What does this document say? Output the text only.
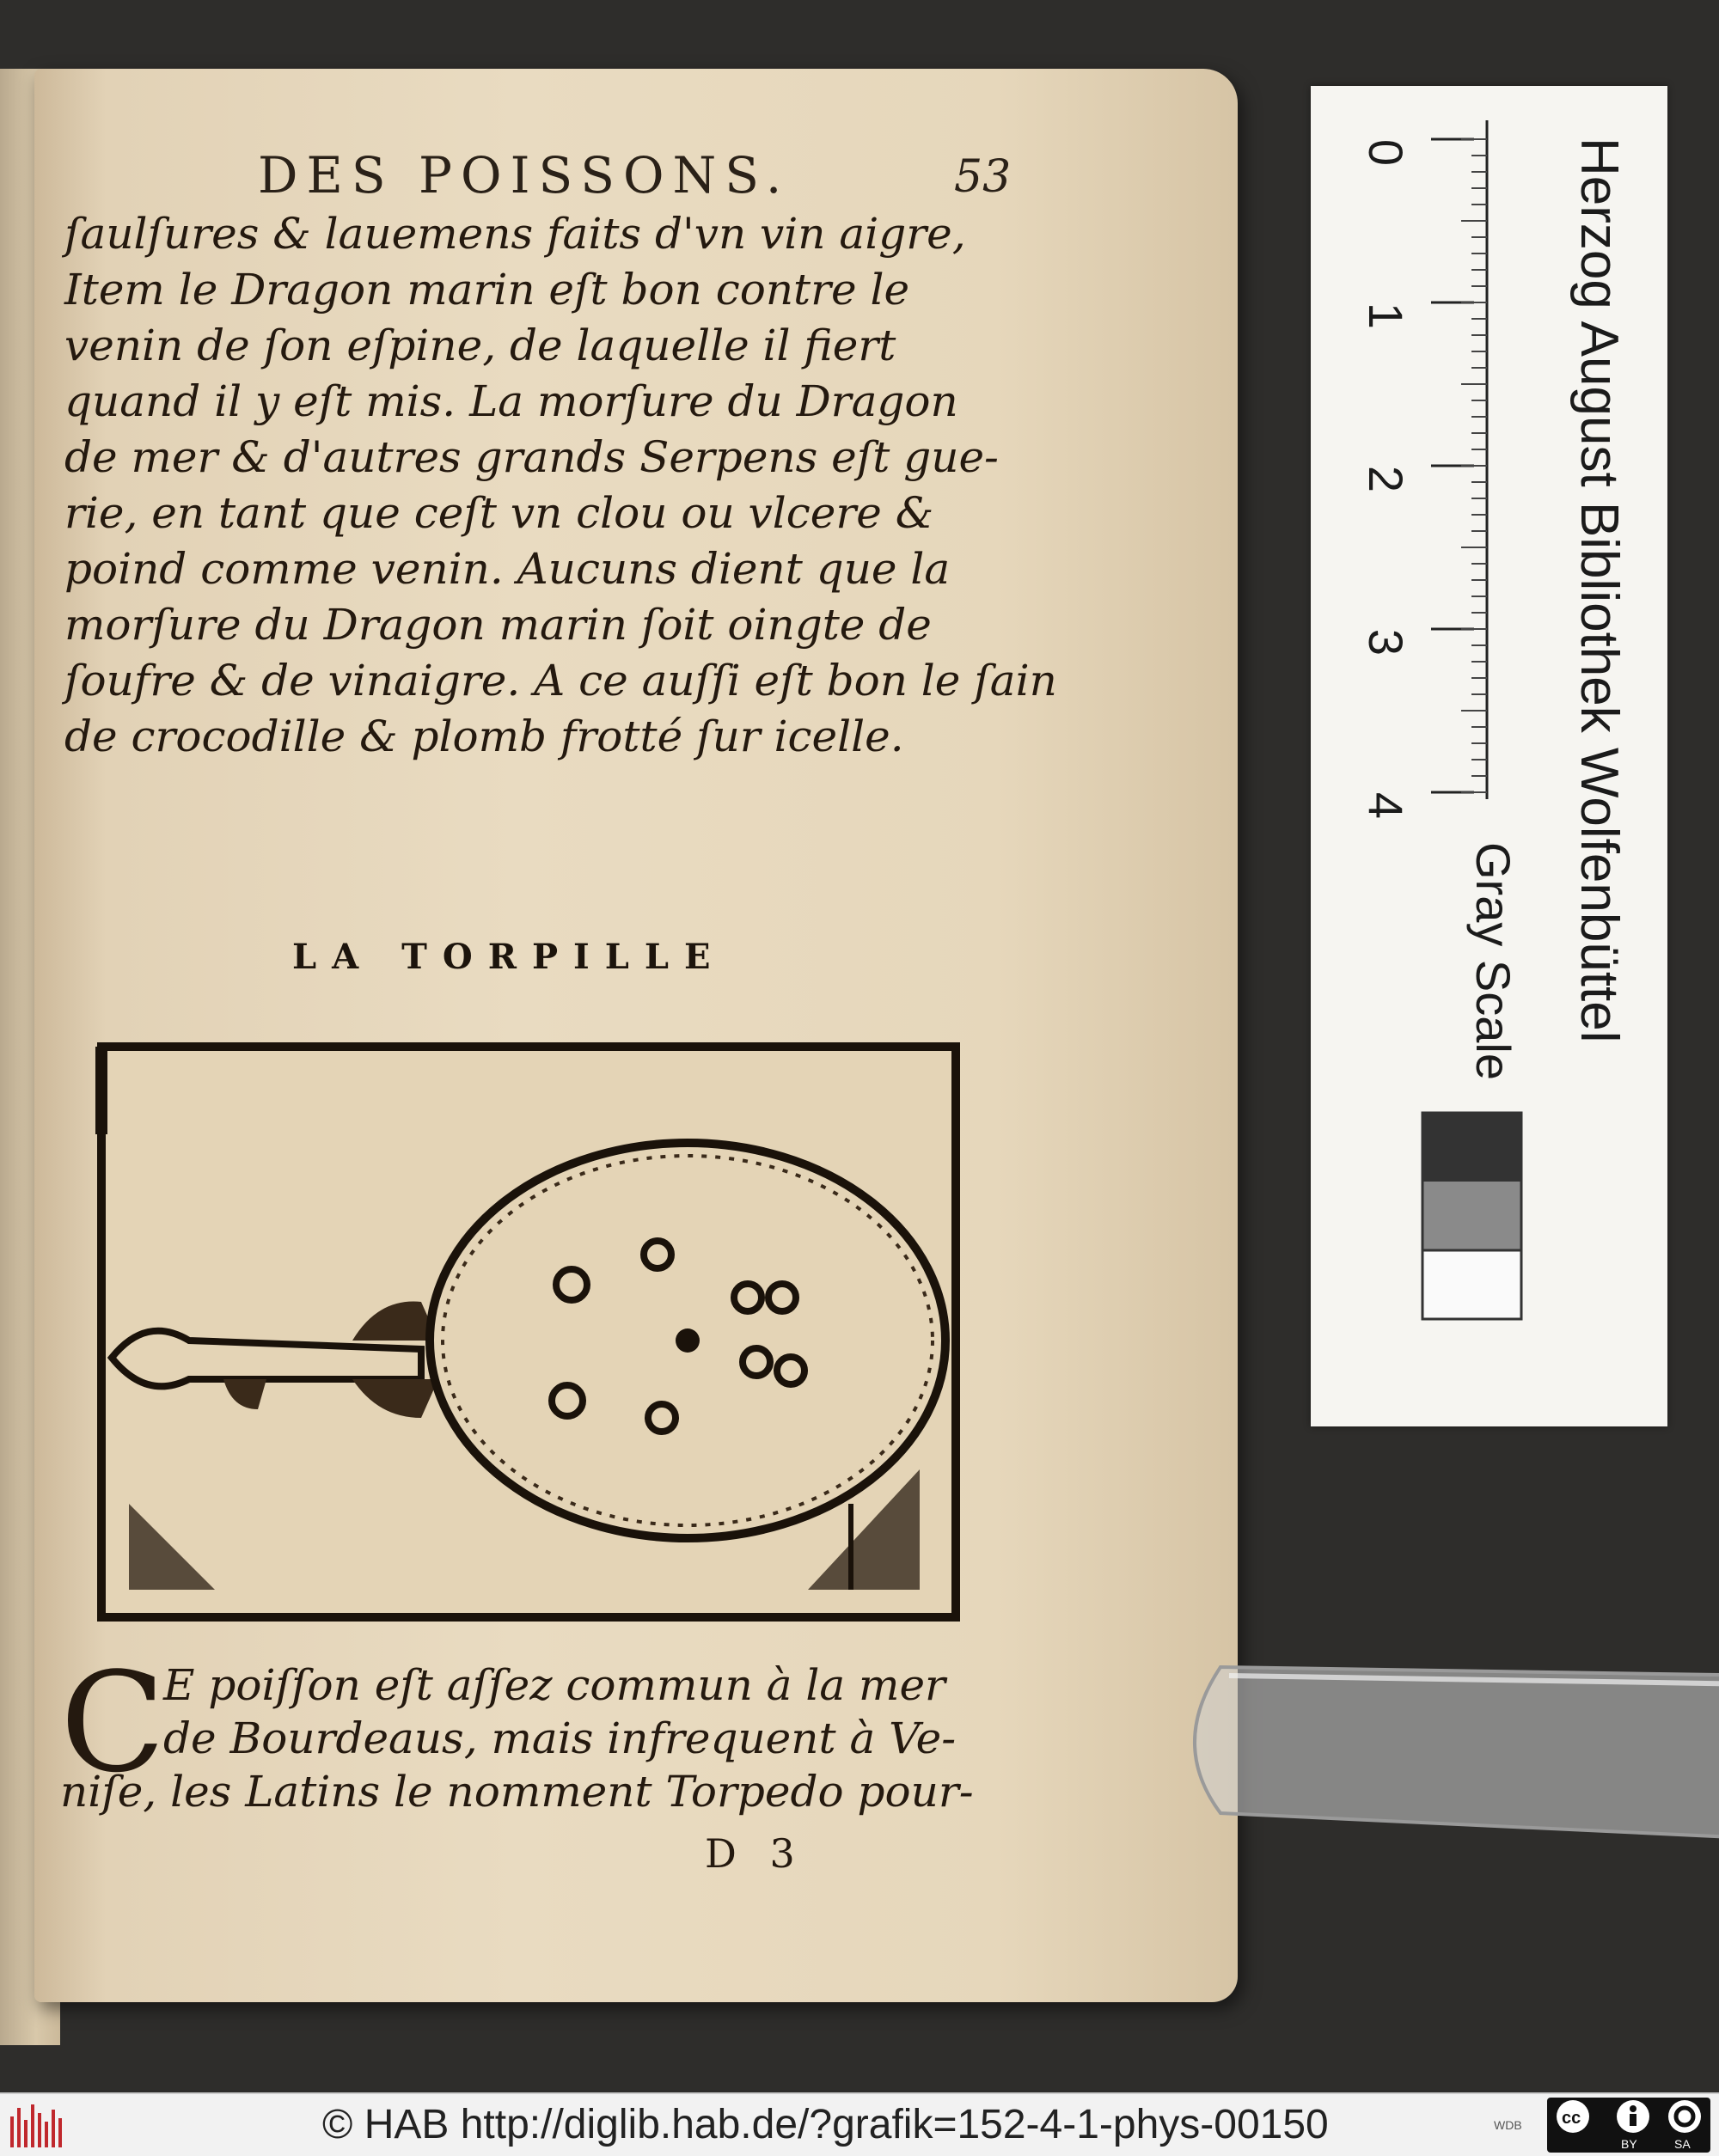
DES POISSONS.	53
ſaulſures & lauemens faits d'vn vin aigre,
Item le Dragon marin eſt bon contre le
venin de ſon eſpine, de laquelle il fiert
quand il y eſt mis. La morſure du Dragon
de mer & d'autres grands Serpens eſt gue-
rie, en tant que ceſt vn clou ou vlcere &
poind comme venin. Aucuns dient que la
morſure du Dragon marin ſoit oingte de
ſoufre & de vinaigre. A ce auſſi eſt bon le ſain
de crocodille & plomb frotté ſur icelle.
LA TORPILLE
C
E poiſſon eſt aſſez commun à la mer
de Bourdeaus, mais infrequent à Ve-
niſe, les Latins le nomment Torpedo pour-
D 3
0
1
2
3
4	Herzog August Bibliothek Wolfenbüttel
Gray Scale
© HAB http://diglib.hab.de/?grafik=152-4-1-phys-00150	WDB cc
BY	SA
